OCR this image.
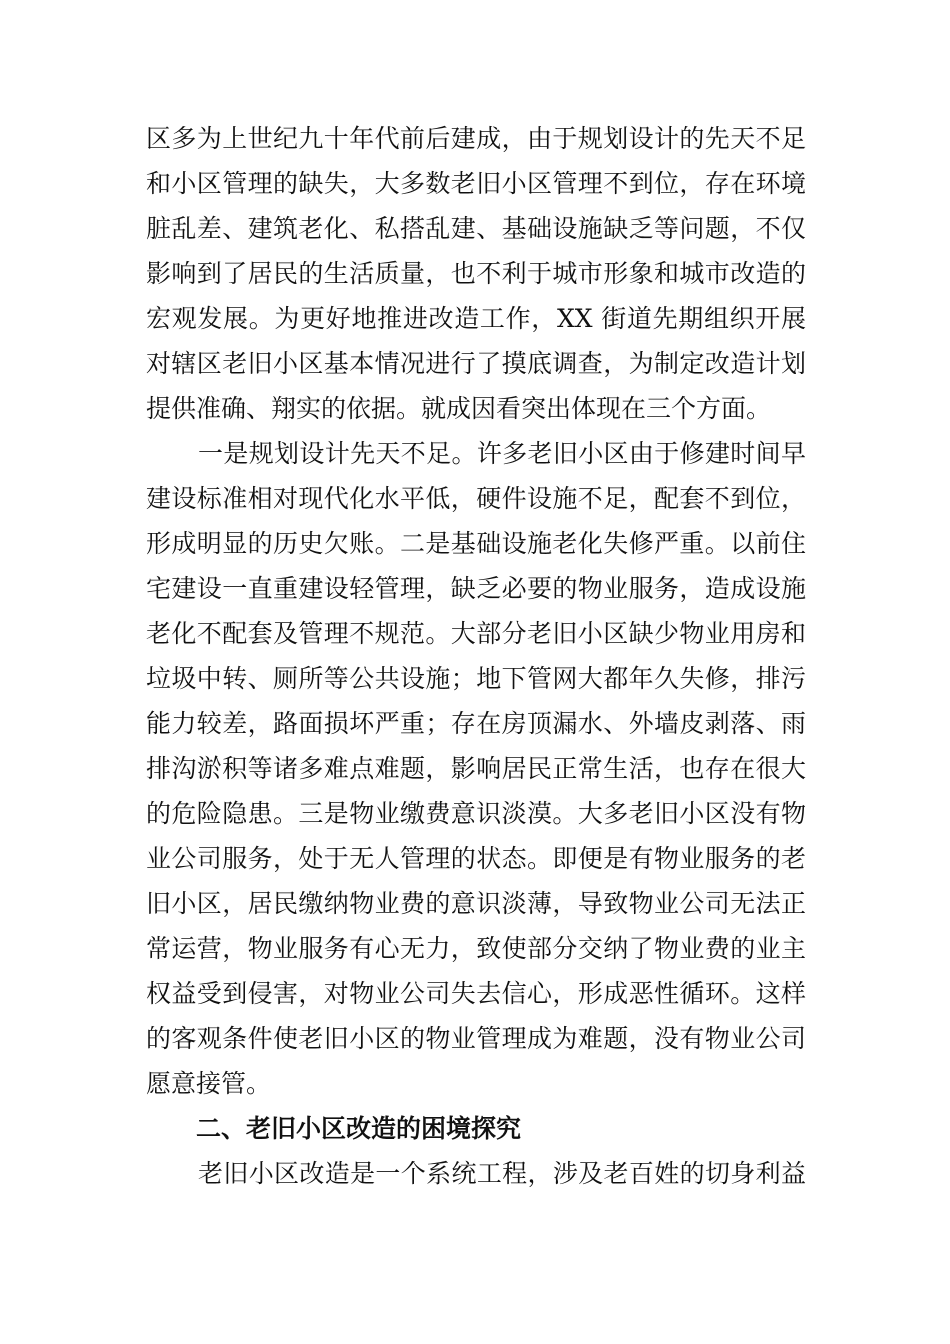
区多为上世纪九十年代前后建成，由于规划设计的先天不足

和小区管理的缺失，大多数老旧小区管理不到位，存在环境

脏乱差、建筑老化、私搭乱建、基础设施缺乏等问题，不仅

影响到了居民的生活质量，也不利于城市形象和城市改造的

宏观发展。为更好地推进改造工作，XX 街道先期组织开展

对辖区老旧小区基本情况进行了摸底调查，为制定改造计划

提供准确、翔实的依据。就成因看突出体现在三个方面。

一是规划设计先天不足。许多老旧小区由于修建时间早

建设标准相对现代化水平低，硬件设施不足，配套不到位，

形成明显的历史欠账。二是基础设施老化失修严重。以前住

宅建设一直重建设轻管理，缺乏必要的物业服务，造成设施

老化不配套及管理不规范。大部分老旧小区缺少物业用房和

垃圾中转、厕所等公共设施；地下管网大都年久失修，排污

能力较差，路面损坏严重；存在房顶漏水、外墙皮剥落、雨

排沟淤积等诸多难点难题，影响居民正常生活，也存在很大

的危险隐患。三是物业缴费意识淡漠。大多老旧小区没有物

业公司服务，处于无人管理的状态。即便是有物业服务的老

旧小区，居民缴纳物业费的意识淡薄，导致物业公司无法正

常运营，物业服务有心无力，致使部分交纳了物业费的业主

权益受到侵害，对物业公司失去信心，形成恶性循环。这样

的客观条件使老旧小区的物业管理成为难题，没有物业公司

愿意接管。

二、老旧小区改造的困境探究

老旧小区改造是一个系统工程，涉及老百姓的切身利益
